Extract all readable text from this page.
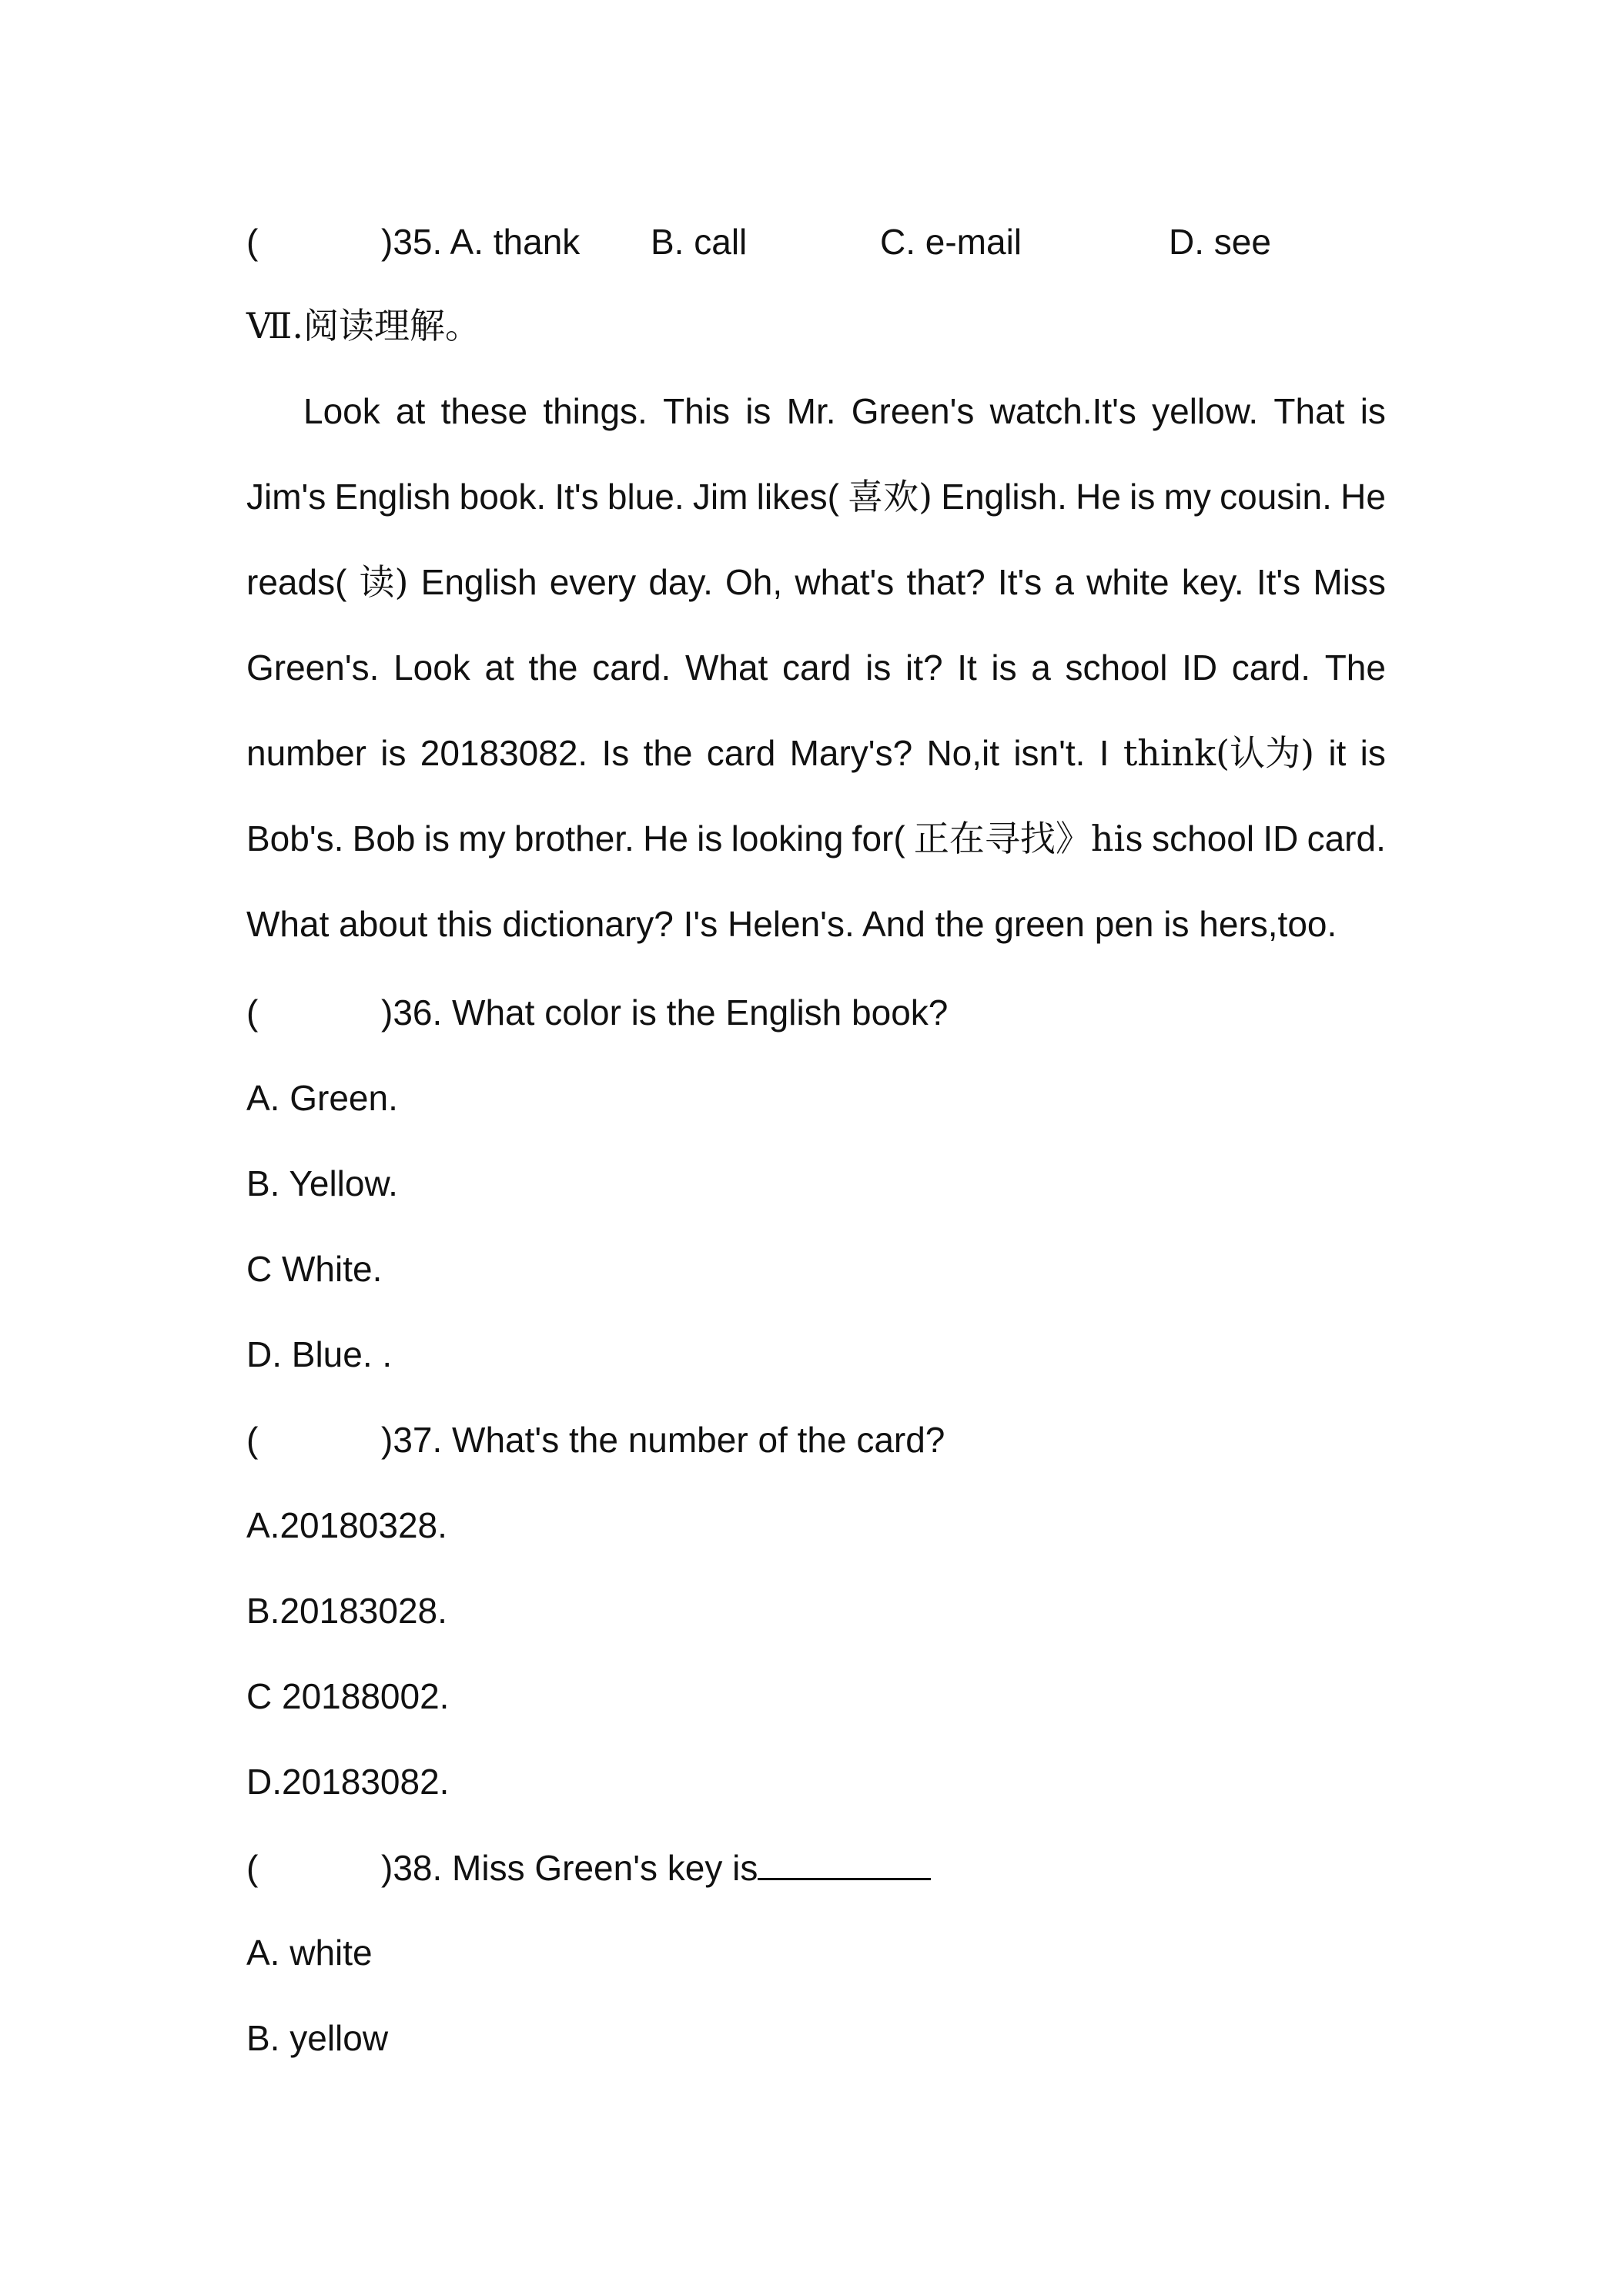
(	)35. A. thank B. call	C. e-mail	D. see
Ⅶ.阅读理解。
Look at these things. This is Mr. Green's watch.It's yellow. That is
Jim's English book. It's blue. Jim likes( 喜欢) English. He is my cousin. He
reads( 读) English every day. Oh, what's that? It's a white key. It's Miss
Green's. Look at the card. What card is it? It is a school ID card. The
number is 20183082. Is the card Mary's? No,it isn't. I think(认为) it is
Bob's. Bob is my brother. He is looking for( 正在寻找》his school ID card.
What about this dictionary? I's Helen's. And the green pen is hers,too.
(	)36. What color is the English book?
A. Green.
B. Yellow.
C White.
D. Blue. .
(	)37. What's the number of the card?
A.20180328.
B.20183028.
C 20188002.
D.20183082.
(	)38. Miss Green's key is
A. white
B. yellow
